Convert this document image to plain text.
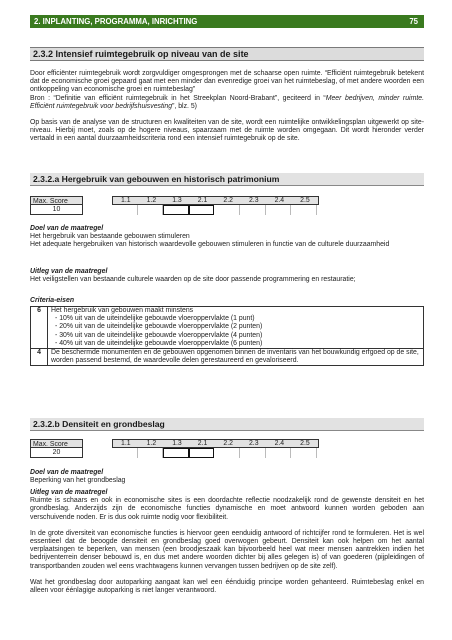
2. INPLANTING, PROGRAMMA, INRICHTING	75
2.3.2 Intensief ruimtegebruik op niveau van de site

Door efficiënter ruimtegebruik wordt zorgvuldiger omgesprongen met de schaarse open ruimte. “Efficiënt ruimtegebruik betekent dat de economische groei gepaard gaat met een minder dan evenredige groei van het ruimtebeslag, of met andere woorden een ontkoppeling van economische groei en ruimtebeslag”

Bron : “Definitie van efficiënt ruimtegebruik in het Streekplan Noord-Brabant”, geciteerd in “Meer bedrijven, minder ruimte. Efficiënt ruimtegebruik voor bedrijfshuisvesting”, blz. 5)

Op basis van de analyse van de structuren en kwaliteiten van de site, wordt een ruimtelijke ontwikkelingsplan uitgewerkt op site-niveau. Hierbij moet, zoals op de hogere niveaus, spaarzaam met de ruimte worden omgegaan. Dit wordt hieronder verder vertaald in een aantal duurzaamheidscriteria rond een intensief ruimtegebruik op de site.

2.3.2.a Hergebruik van gebouwen en historisch patrimonium
Max. Score
10
1.1	1.2	1.3	2.1	2.2	2.3	2.4	2.5

Doel van de maatregel

Het hergebruik van bestaande gebouwen stimuleren

Het adequate hergebruiken van historisch waardevolle gebouwen stimuleren in functie van de culturele duurzaamheid

Uitleg van de maatregel

Het veiligstellen van bestaande culturele waarden op de site door passende programmering en restauratie;

Criteria-eisen

6	Het hergebruik van gebouwen maakt minstens
- 10% uit van de uiteindelijke gebouwde vloeroppervlakte (1 punt)
- 20% uit van de uiteindelijke gebouwde vloeroppervlakte (2 punten)
- 30% uit van de uiteindelijke gebouwde vloeroppervlakte (4 punten)
- 40% uit van de uiteindelijke gebouwde vloeroppervlakte (6 punten)

4	De beschermde monumenten en de gebouwen opgenomen binnen de inventaris van het bouwkundig erfgoed op de site, worden passend bestemd, de waardevolle delen gerestaureerd en gevaloriseerd.
2.3.2.b Densiteit en grondbeslag
Max. Score
20
1.1	1.2	1.3	2.1	2.2	2.3	2.4	2.5

Doel van de maatregel

Beperking van het grondbeslag

Uitleg van de maatregel

Ruimte is schaars en ook in economische sites is een doordachte reflectie noodzakelijk rond de gewenste densiteit en het grondbeslag. Anderzijds zijn de economische functies dynamische en moet antwoord kunnen worden geboden aan verschuivende noden. Er is dus ook ruimte nodig voor flexibiliteit.

In de grote diversiteit van economische functies is hiervoor geen eenduidig antwoord of richtcijfer rond te formuleren. Het is wel essentieel dat de beoogde densiteit en grondbeslag goed overwogen gebeurt. Densiteit kan ook helpen om het aantal verplaatsingen te beperken, van mensen (een broodjeszaak kan bijvoorbeeld heel wat meer mensen aantrekken indien het bedrijventerrein denser bebouwd is, en dus met andere woorden dichter bij alles gelegen is) of van goederen (pijpleidingen of transportbanden zouden wel eens vrachtwagens kunnen vervangen tussen bedrijven op de site zelf).

Wat het grondbeslag door autoparking aangaat kan wel een éénduidig principe worden gehanteerd. Ruimtebeslag enkel en alleen voor éénlagige autoparking is niet langer verantwoord.
